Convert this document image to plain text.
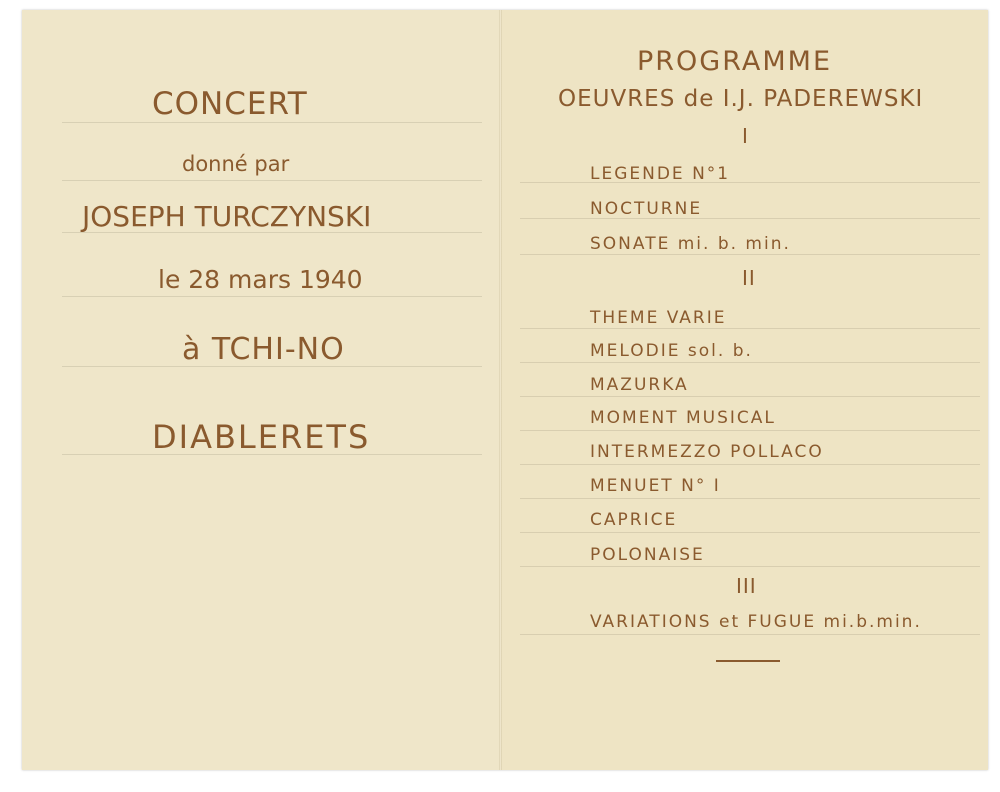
CONCERT
donné par
JOSEPH TURCZYNSKI
le 28 mars 1940
à TCHI-NO
DIABLERETS
PROGRAMME
OEUVRES de I.J. PADEREWSKI
I
LEGENDE N°1
NOCTURNE
SONATE mi. b. min.
II
THEME VARIE
MELODIE sol. b.
MAZURKA
MOMENT MUSICAL
INTERMEZZO POLLACO
MENUET N° I
CAPRICE
POLONAISE
III
VARIATIONS et FUGUE mi.b.min.
